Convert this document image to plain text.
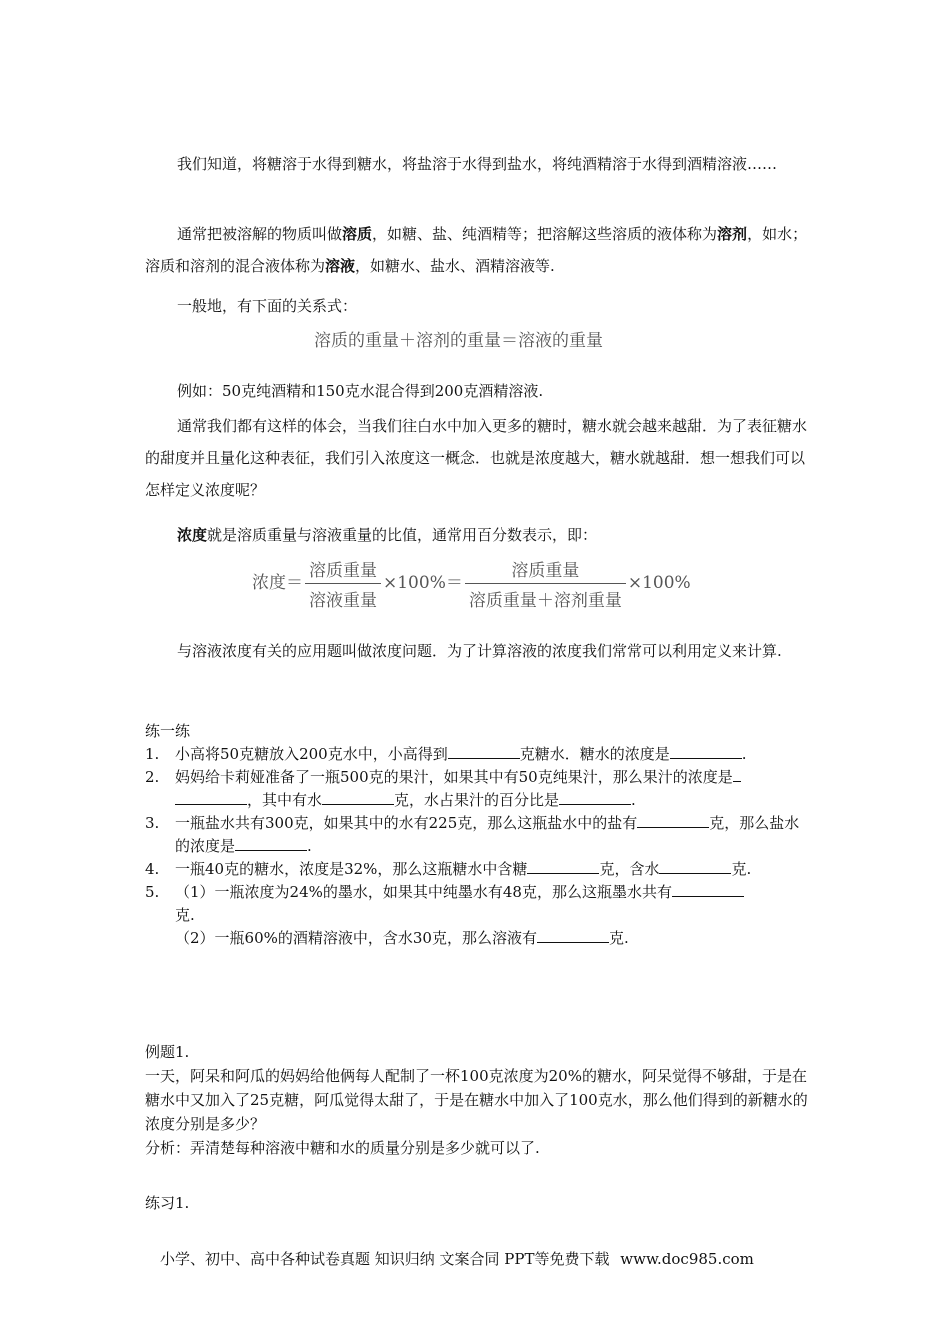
我们知道，将糖溶于水得到糖水，将盐溶于水得到盐水，将纯酒精溶于水得到酒精溶液……

通常把被溶解的物质叫做溶质，如糖、盐、纯酒精等；把溶解这些溶质的液体称为溶剂，如水；溶质和溶剂的混合液体称为溶液，如糖水、盐水、酒精溶液等.

一般地，有下面的关系式：

溶质的重量＋溶剂的重量＝溶液的重量

例如：50克纯酒精和150克水混合得到200克酒精溶液.

通常我们都有这样的体会，当我们往白水中加入更多的糖时，糖水就会越来越甜．为了表征糖水的甜度并且量化这种表征，我们引入浓度这一概念．也就是浓度越大，糖水就越甜．想一想我们可以怎样定义浓度呢？

浓度就是溶质重量与溶液重量的比值，通常用百分数表示，即：

浓度＝ $\frac{\text{溶质重量}}{\text{溶液重量}} \times 100\%= \frac{\text{溶质重量}}{\text{溶质重量＋溶剂重量}} \times 100\%$

与溶液浓度有关的应用题叫做浓度问题．为了计算溶液的浓度我们常常可以利用定义来计算.

练一练
1. 小高将50克糖放入200克水中，小高得到	克糖水．糖水的浓度是	.
2. 妈妈给卡莉娅准备了一瓶500克的果汁，如果其中有50克纯果汁，那么果汁的浓度是
，其中有水	克，水占果汁的百分比是	.
3. 一瓶盐水共有300克，如果其中的水有225克，那么这瓶盐水中的盐有	克，那么盐水的浓度是	.
4. 一瓶40克的糖水，浓度是32%，那么这瓶糖水中含糖	克，含水	克.
5. （1）一瓶浓度为24%的墨水，如果其中纯墨水有48克，那么这瓶墨水共有
克.
（2）一瓶60%的酒精溶液中，含水30克，那么溶液有	克.
例题1.
一天，阿呆和阿瓜的妈妈给他俩每人配制了一杯100克浓度为20%的糖水，阿呆觉得不够甜，于是在糖水中又加入了25克糖，阿瓜觉得太甜了，于是在糖水中加入了100克水，那么他们得到的新糖水的浓度分别是多少？
分析：弄清楚每种溶液中糖和水的质量分别是多少就可以了.
练习1.
小学、初中、高中各种试卷真题 知识归纳 文案合同 PPT等免费下载 www.doc985.com
